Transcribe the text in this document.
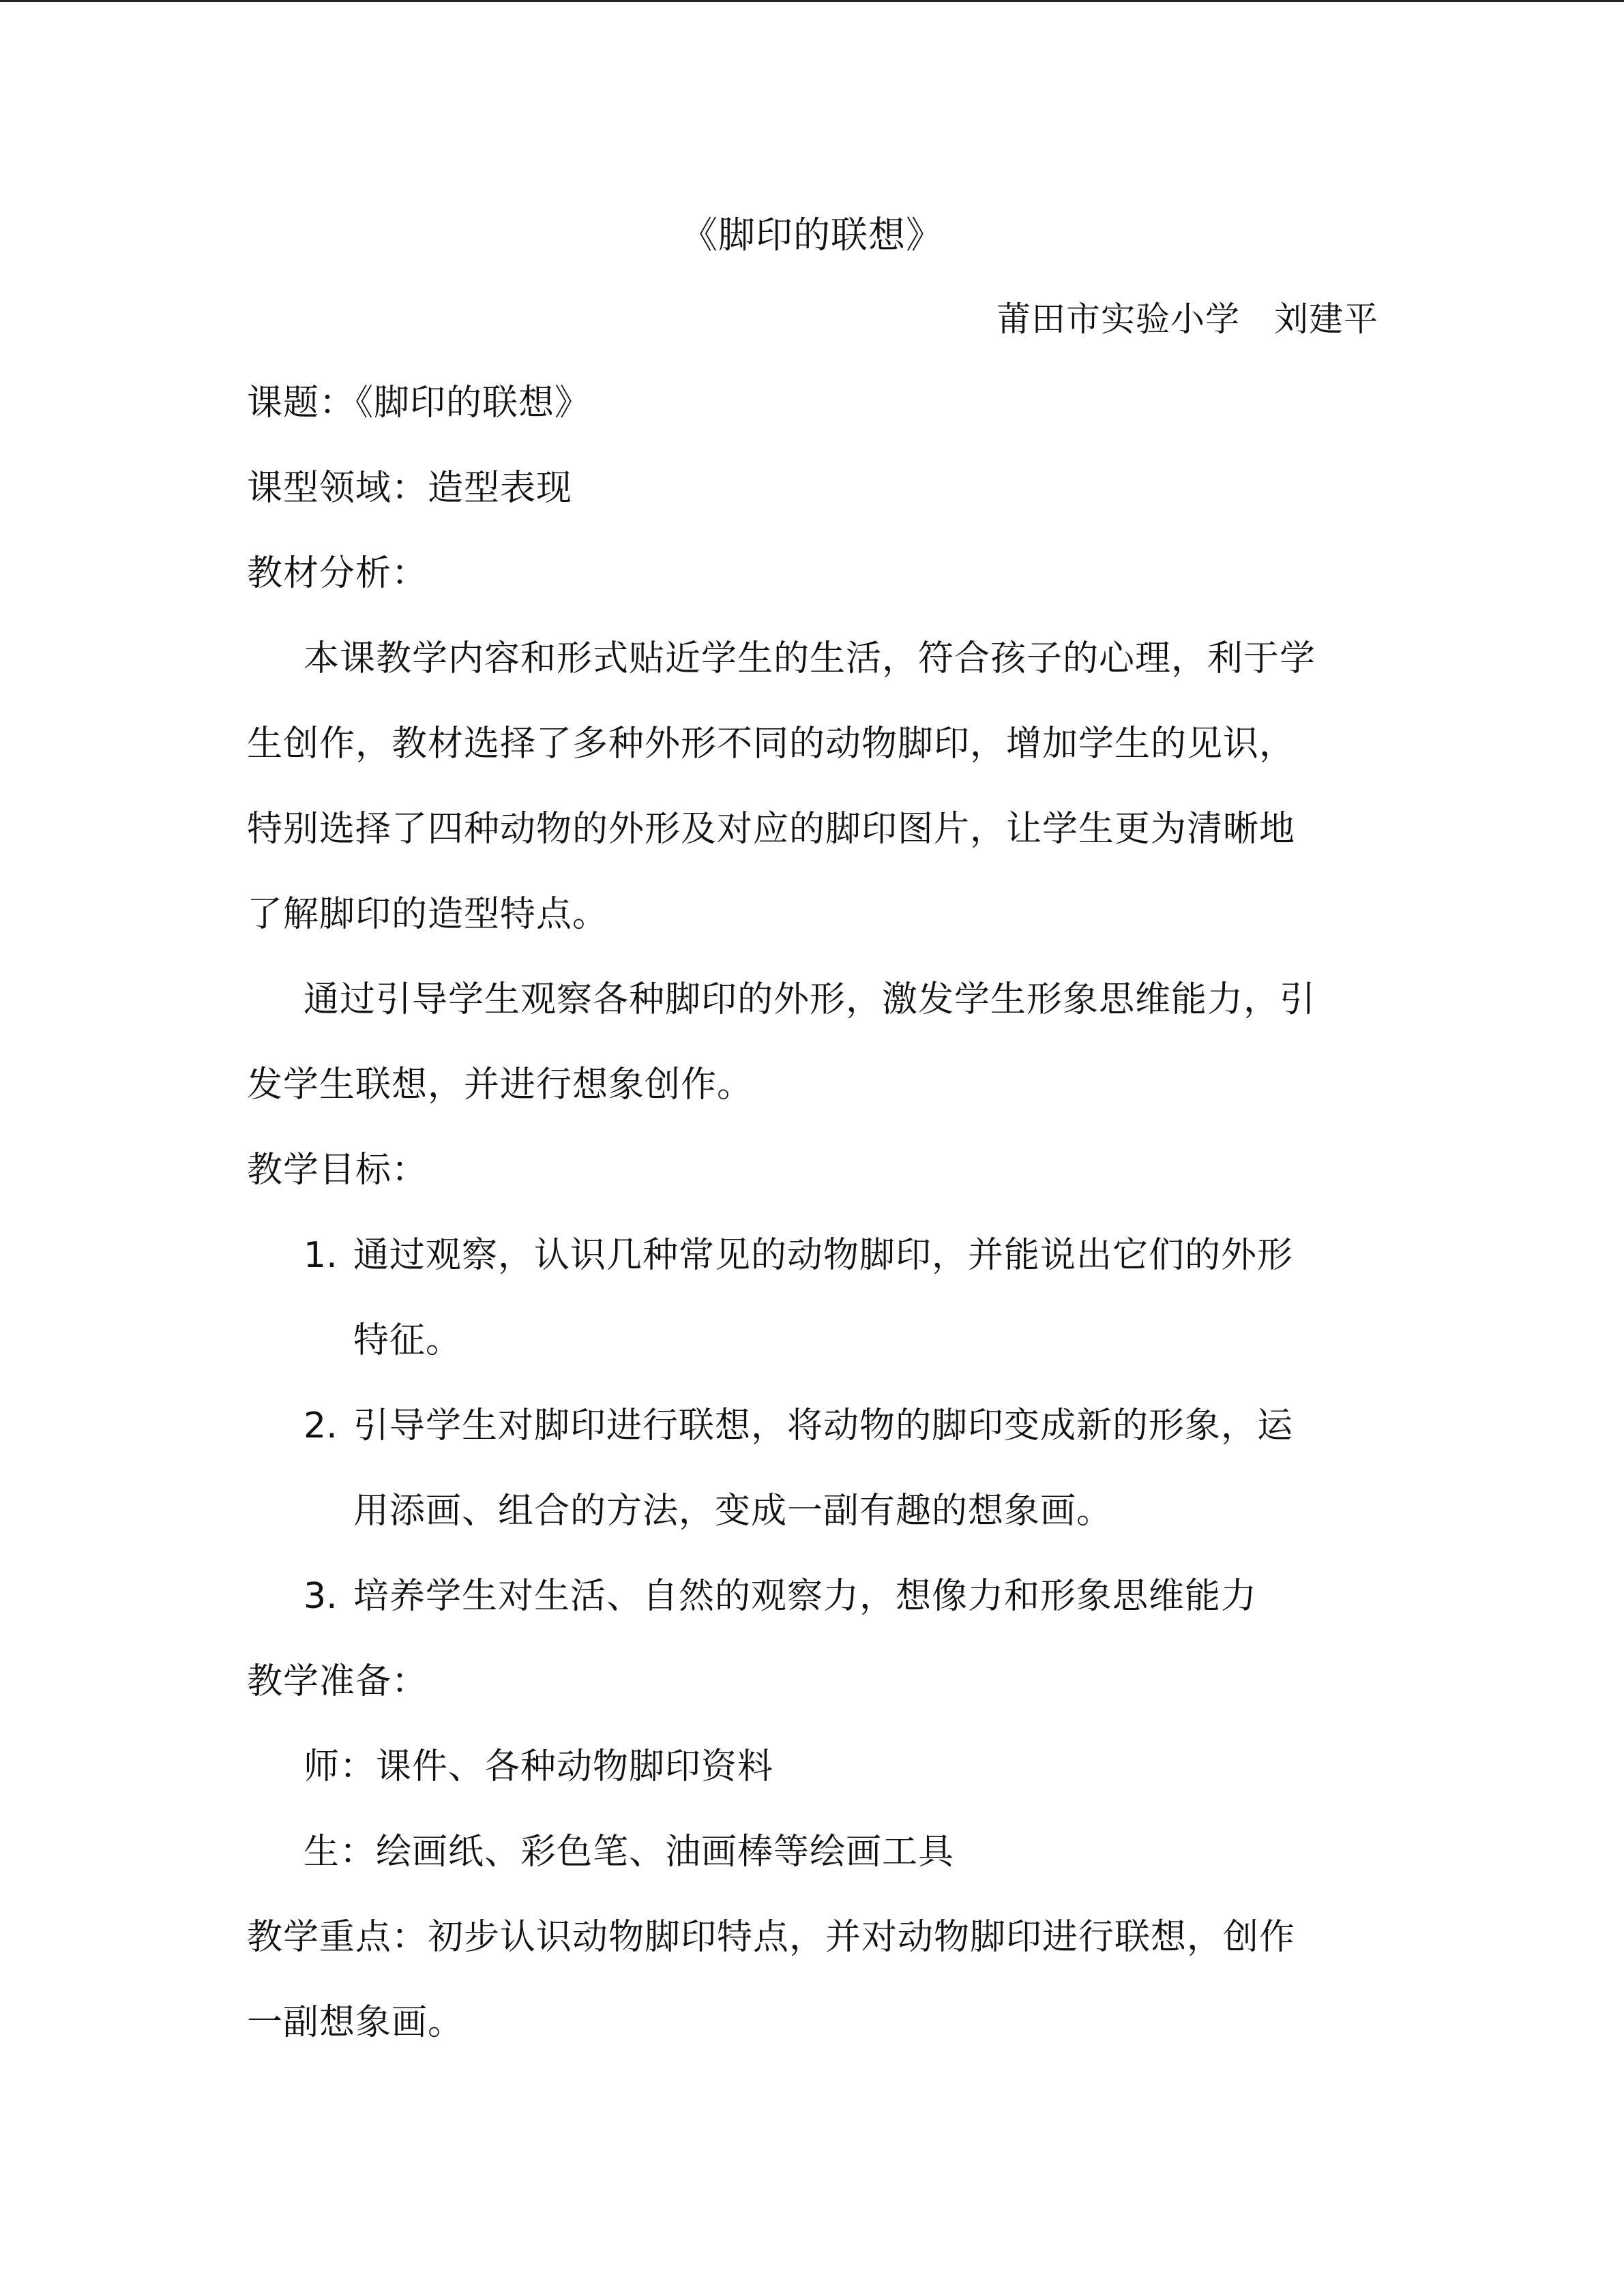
《脚印的联想》
莆田市实验小学 刘建平
课题：《脚印的联想》
课型领域：造型表现
教材分析：
本课教学内容和形式贴近学生的生活，符合孩子的心理，利于学
生创作，教材选择了多种外形不同的动物脚印，增加学生的见识，
特别选择了四种动物的外形及对应的脚印图片，让学生更为清晰地
了解脚印的造型特点。
通过引导学生观察各种脚印的外形，激发学生形象思维能力，引
发学生联想，并进行想象创作。
教学目标：
1. 通过观察，认识几种常见的动物脚印，并能说出它们的外形
特征。
2. 引导学生对脚印进行联想，将动物的脚印变成新的形象，运
用添画、组合的方法，变成一副有趣的想象画。
3. 培养学生对生活、自然的观察力，想像力和形象思维能力
教学准备：
师：课件、各种动物脚印资料
生：绘画纸、彩色笔、油画棒等绘画工具
教学重点：初步认识动物脚印特点，并对动物脚印进行联想，创作
一副想象画。
